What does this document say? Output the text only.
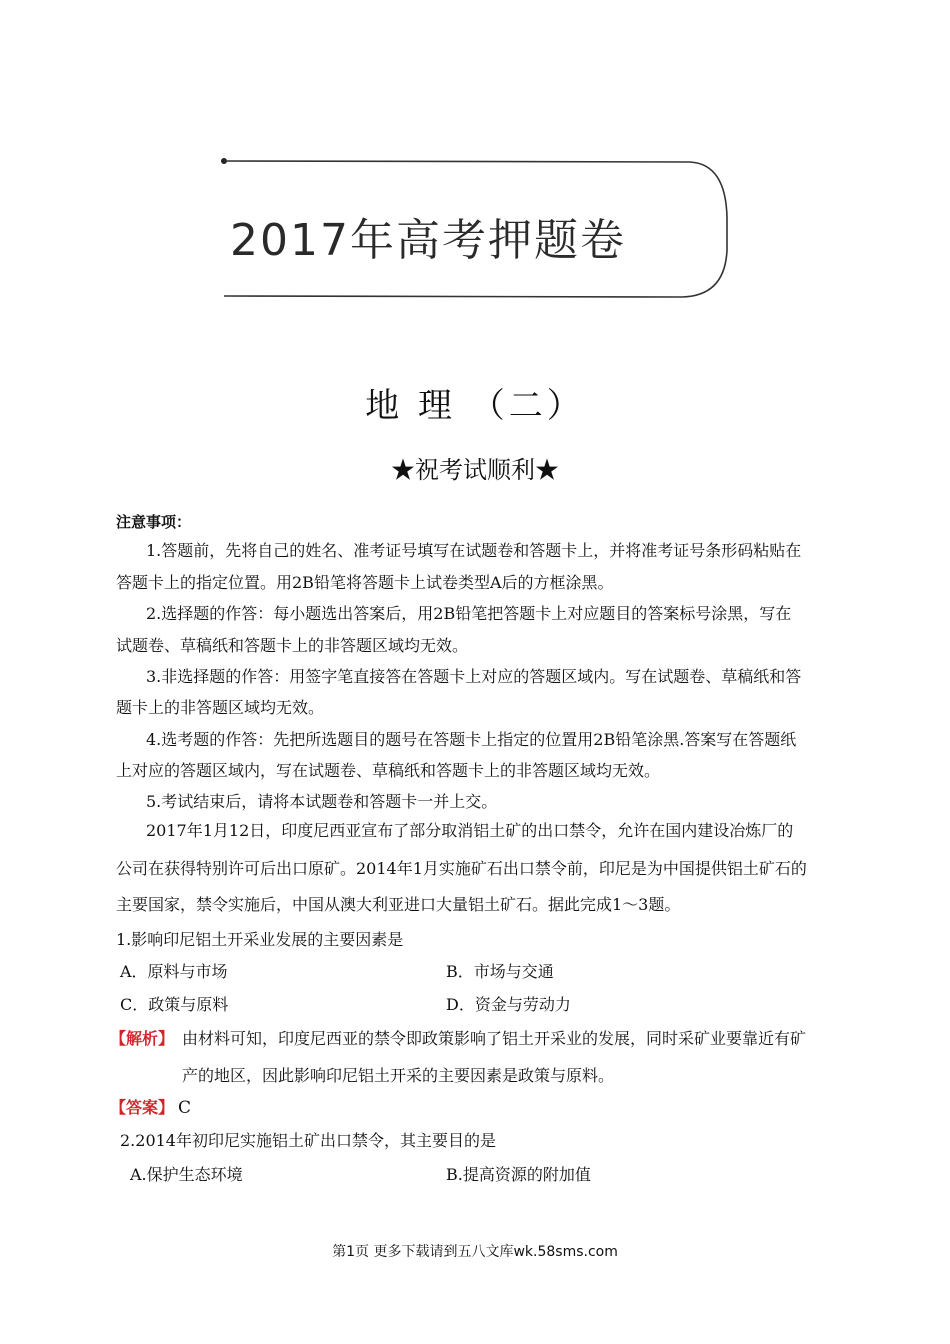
2017年高考押题卷
地 理 （二）
★祝考试顺利★
注意事项：
1.答题前，先将自己的姓名、准考证号填写在试题卷和答题卡上，并将准考证号条形码粘贴在
答题卡上的指定位置。用2B铅笔将答题卡上试卷类型A后的方框涂黑。
2.选择题的作答：每小题选出答案后，用2B铅笔把答题卡上对应题目的答案标号涂黑，写在
试题卷、草稿纸和答题卡上的非答题区域均无效。
3.非选择题的作答：用签字笔直接答在答题卡上对应的答题区域内。写在试题卷、草稿纸和答
题卡上的非答题区域均无效。
4.选考题的作答：先把所选题目的题号在答题卡上指定的位置用2B铅笔涂黑.答案写在答题纸
上对应的答题区域内，写在试题卷、草稿纸和答题卡上的非答题区域均无效。
5.考试结束后，请将本试题卷和答题卡一并上交。
2017年1月12日，印度尼西亚宣布了部分取消铝土矿的出口禁令，允许在国内建设冶炼厂的
公司在获得特别许可后出口原矿。2014年1月实施矿石出口禁令前，印尼是为中国提供铝土矿石的
主要国家，禁令实施后，中国从澳大利亚进口大量铝土矿石。据此完成1～3题。
1.影响印尼铝土开采业发展的主要因素是
A．原料与市场	B．市场与交通
C．政策与原料	D．资金与劳动力
【解析】 由材料可知，印度尼西亚的禁令即政策影响了铝土开采业的发展，同时采矿业要靠近有矿
产的地区，因此影响印尼铝土开采的主要因素是政策与原料。
【答案】 C
2.2014年初印尼实施铝土矿出口禁令，其主要目的是
A.保护生态环境	B.提高资源的附加值
第1页 更多下载请到五八文库wk.58sms.com
